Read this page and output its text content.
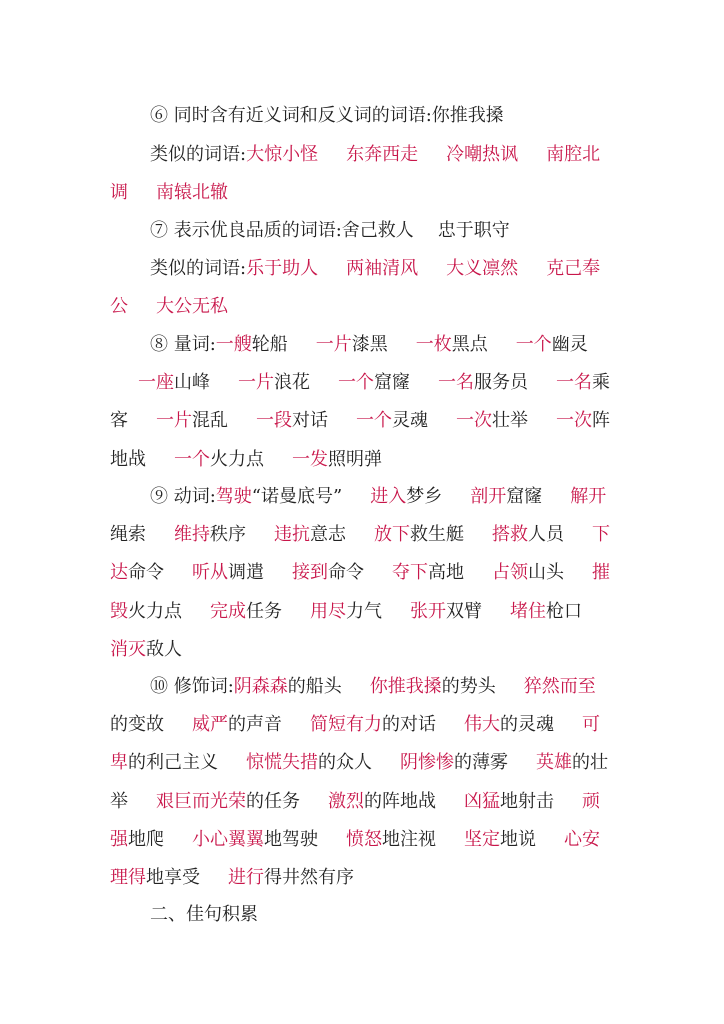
⑥ 同时含有近义词和反义词的词语:你推我搡
类似的词语:大惊小怪 东奔西走 冷嘲热讽 南腔北调 南辕北辙
⑦ 表示优良品质的词语:舍己救人 忠于职守
类似的词语:乐于助人 两袖清风 大义凛然 克己奉公 大公无私
⑧ 量词:一艘轮船 一片漆黑 一枚黑点 一个幽灵一座山峰 一片浪花 一个窟窿 一名服务员 一名乘客 一片混乱 一段对话 一个灵魂 一次壮举 一次阵地战 一个火力点 一发照明弹
⑨ 动词:驾驶“诺曼底号” 进入梦乡 剖开窟窿 解开绳索 维持秩序 违抗意志 放下救生艇 搭救人员 下达命令 听从调遣 接到命令 夺下高地 占领山头 摧毁火力点 完成任务 用尽力气 张开双臂 堵住枪口消灭敌人
⑩ 修饰词:阴森森的船头 你推我搡的势头 猝然而至的变故 威严的声音 简短有力的对话 伟大的灵魂 可卑的利己主义 惊慌失措的众人 阴惨惨的薄雾 英雄的壮举 艰巨而光荣的任务 激烈的阵地战 凶猛地射击 顽强地爬 小心翼翼地驾驶 愤怒地注视 坚定地说 心安理得地享受 进行得井然有序
二、佳句积累
